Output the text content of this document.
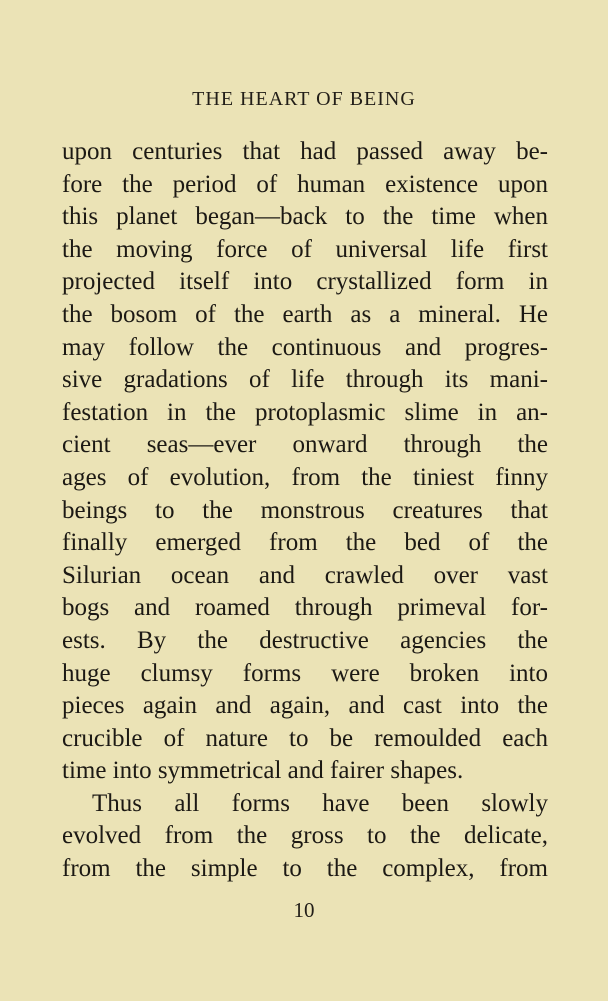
THE HEART OF BEING
upon centuries that had passed away be-
fore the period of human existence upon
this planet began—back to the time when
the moving force of universal life first
projected itself into crystallized form in
the bosom of the earth as a mineral. He
may follow the continuous and progres-
sive gradations of life through its mani-
festation in the protoplasmic slime in an-
cient seas—ever onward through the
ages of evolution, from the tiniest finny
beings to the monstrous creatures that
finally emerged from the bed of the
Silurian ocean and crawled over vast
bogs and roamed through primeval for-
ests. By the destructive agencies the
huge clumsy forms were broken into
pieces again and again, and cast into the
crucible of nature to be remoulded each
time into symmetrical and fairer shapes.
Thus all forms have been slowly
evolved from the gross to the delicate,
from the simple to the complex, from
10
